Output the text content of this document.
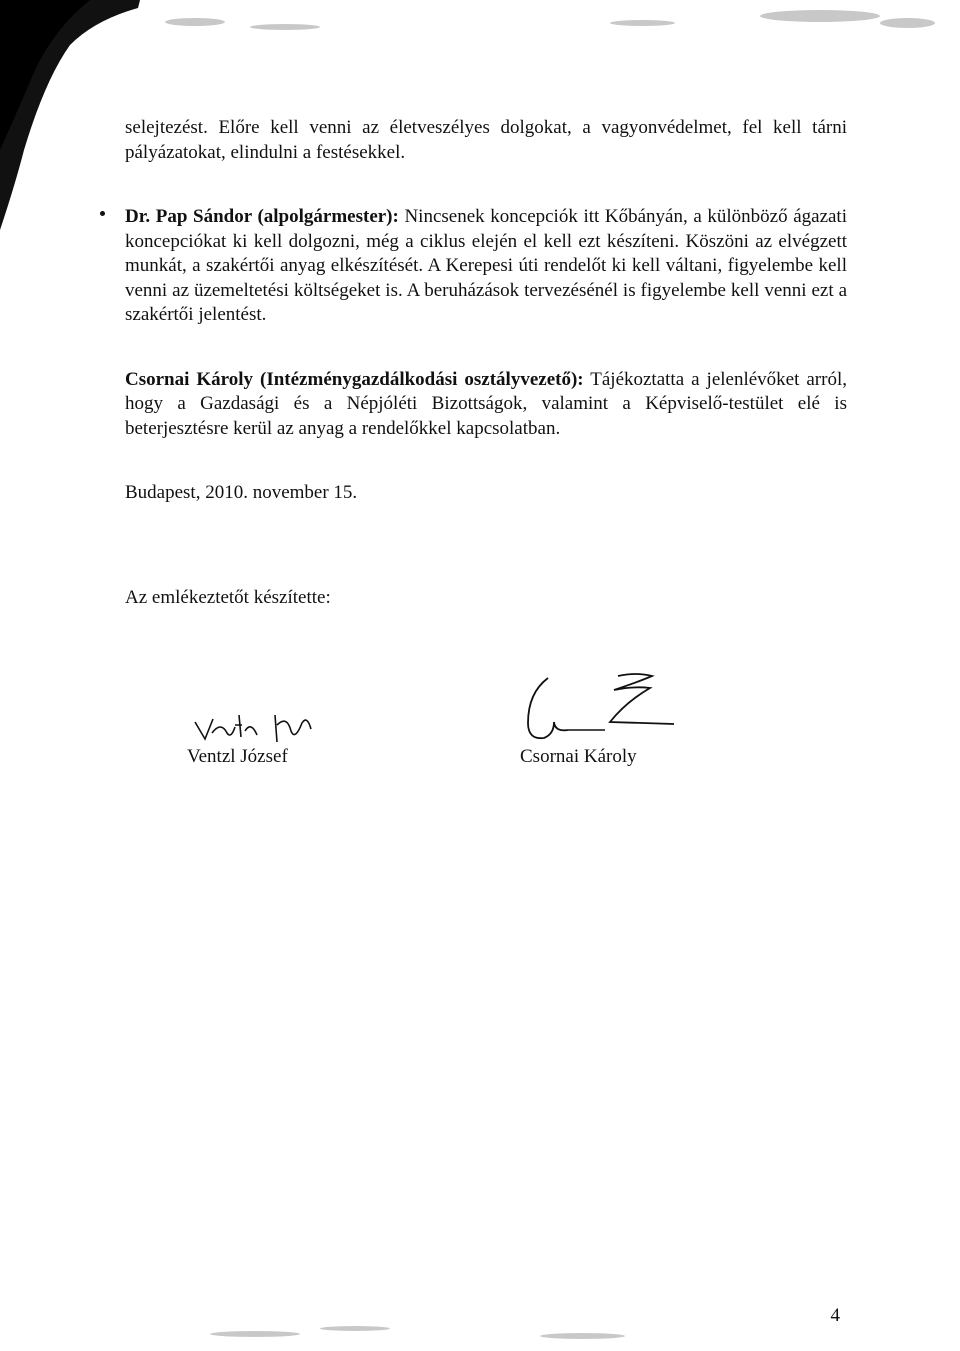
selejtezést. Előre kell venni az életveszélyes dolgokat, a vagyonvédelmet, fel kell tárni pályázatokat, elindulni a festésekkel.

Dr. Pap Sándor (alpolgármester): Nincsenek koncepciók itt Kőbányán, a különböző ágazati koncepciókat ki kell dolgozni, még a ciklus elején el kell ezt készíteni. Köszöni az elvégzett munkát, a szakértői anyag elkészítését. A Kerepesi úti rendelőt ki kell váltani, figyelembe kell venni az üzemeltetési költségeket is. A beruházások tervezésénél is figyelembe kell venni ezt a szakértői jelentést.

Csornai Károly (Intézménygazdálkodási osztályvezető): Tájékoztatta a jelenlévőket arról, hogy a Gazdasági és a Népjóléti Bizottságok, valamint a Képviselő-testület elé is beterjesztésre kerül az anyag a rendelőkkel kapcsolatban.

Budapest, 2010. november 15.
Az emlékeztetőt készítette:
Ventzl József	Csornai Károly
4
